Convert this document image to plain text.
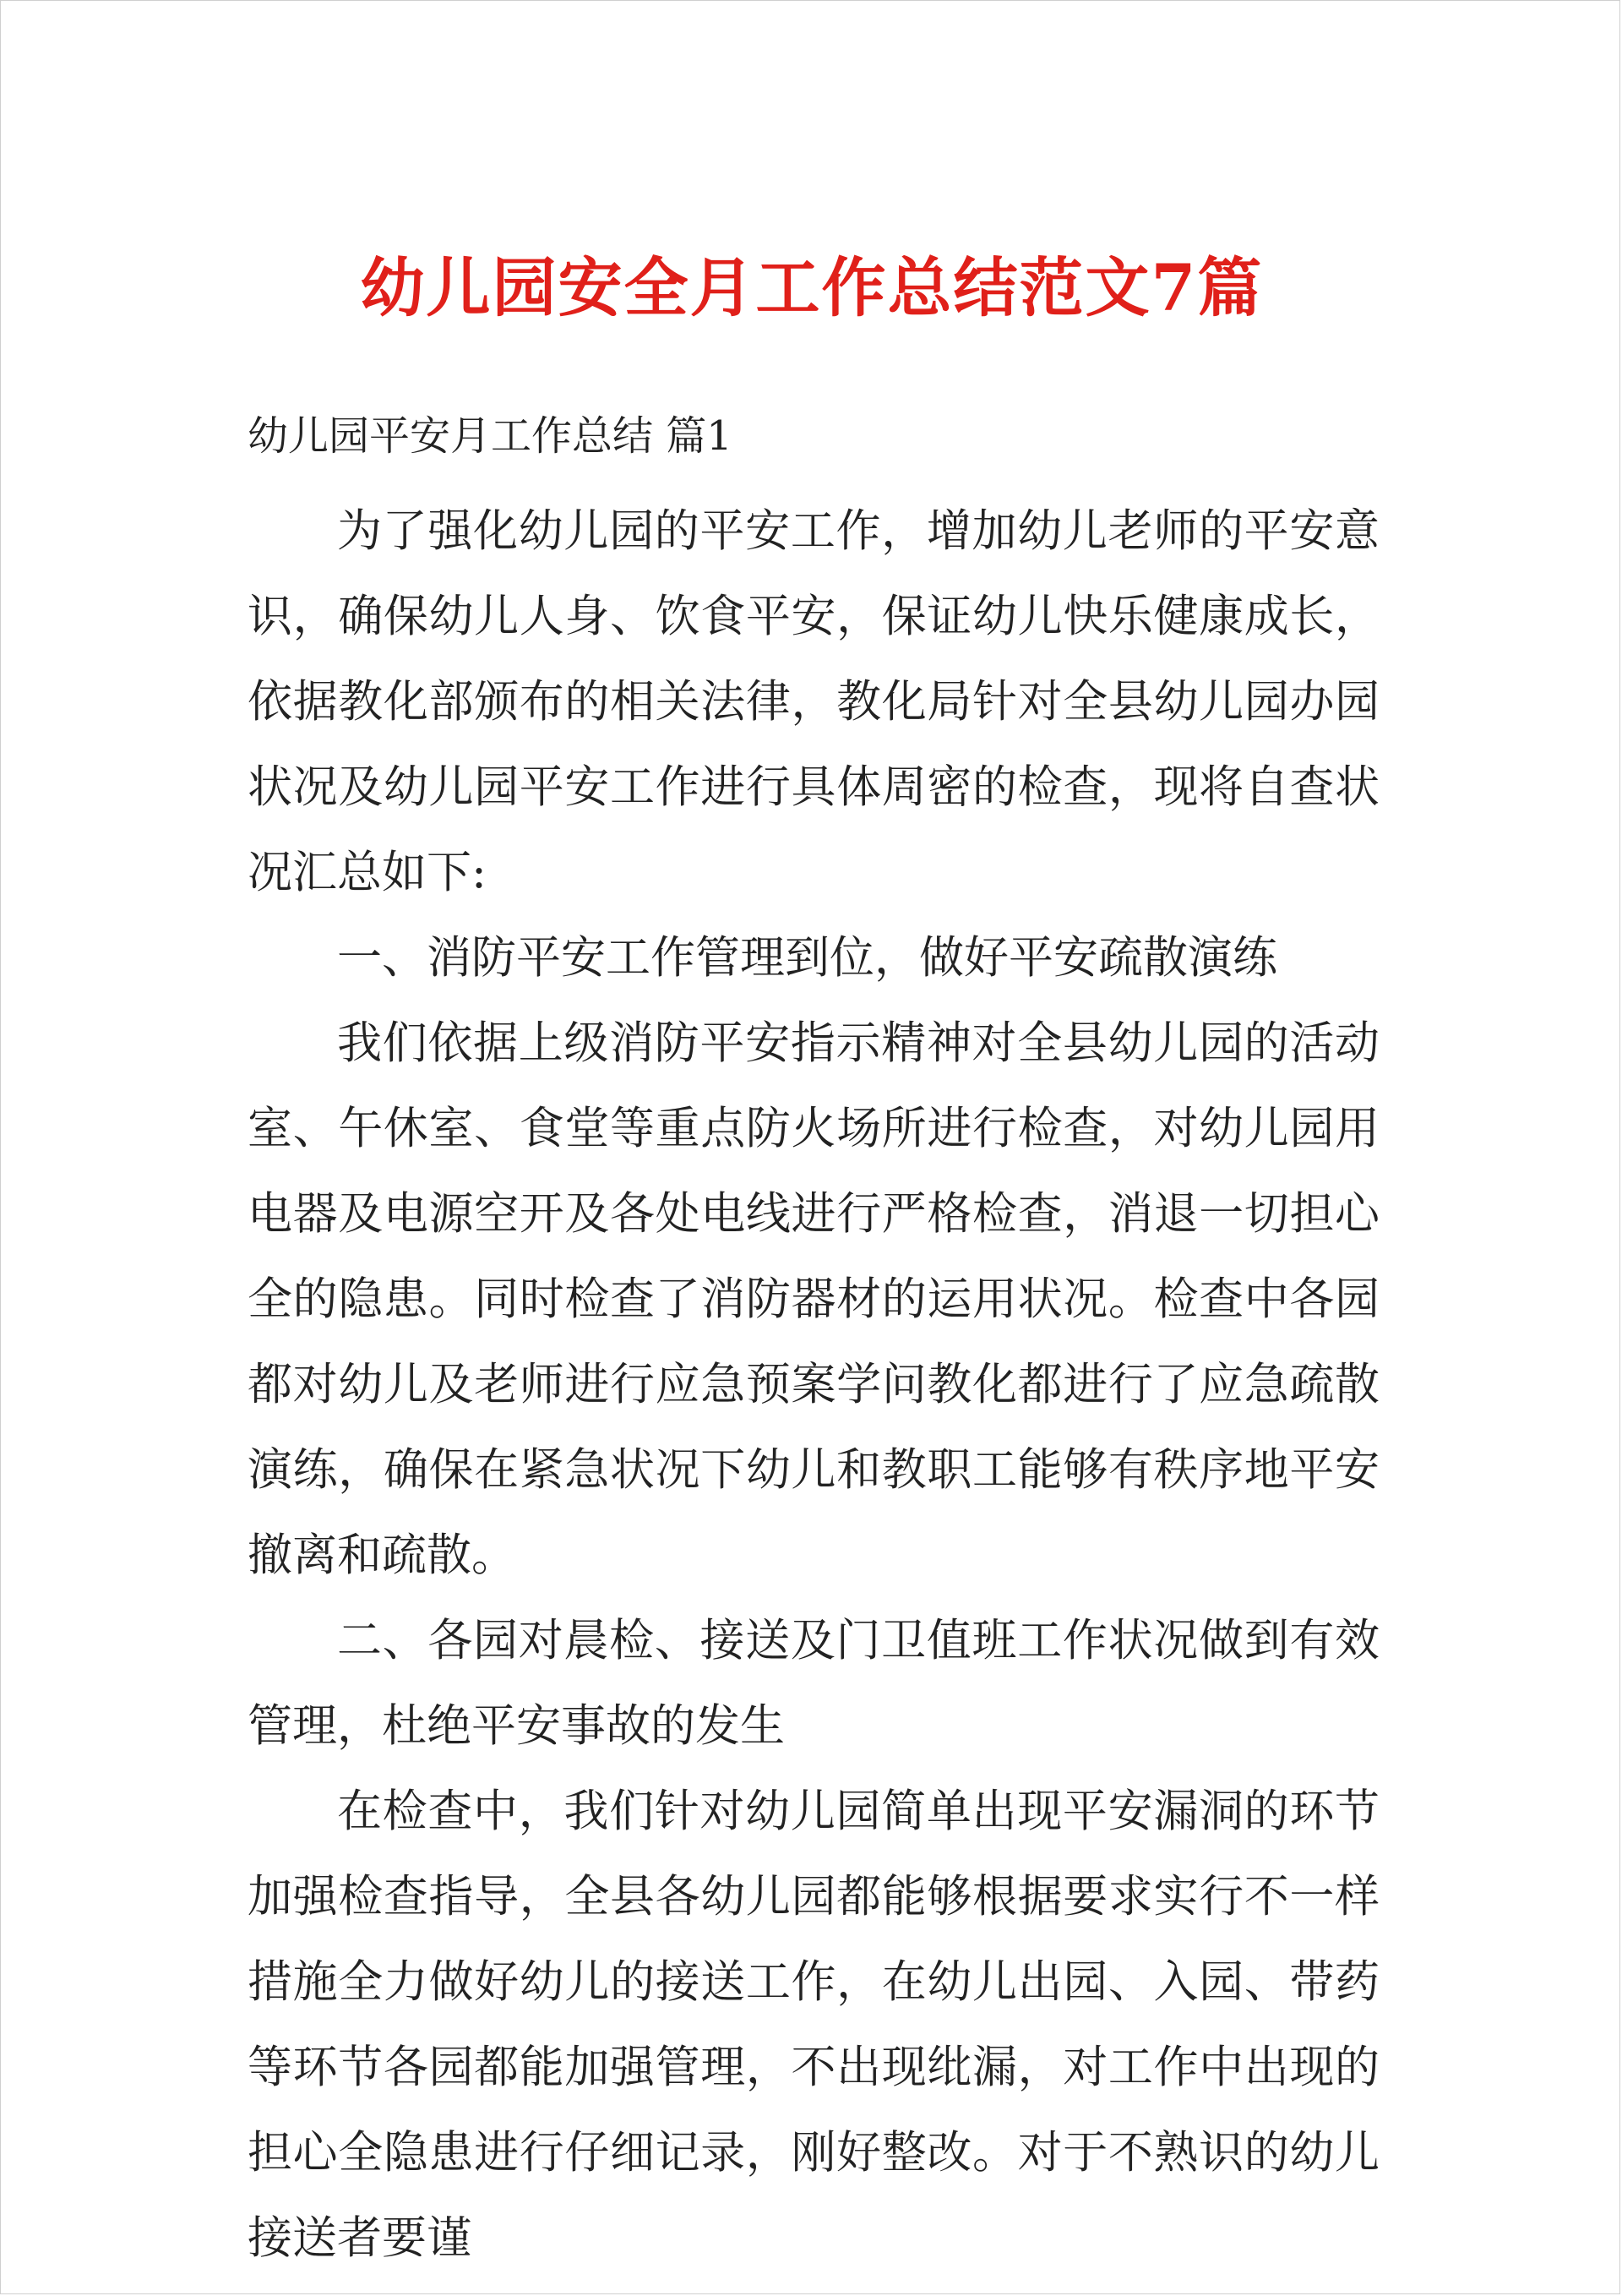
幼儿园安全月工作总结范文7篇
幼儿园平安月工作总结 篇1

为了强化幼儿园的平安工作，增加幼儿老师的平安意识，确保幼儿人身、饮食平安，保证幼儿快乐健康成长，依据教化部颁布的相关法律，教化局针对全县幼儿园办园状况及幼儿园平安工作进行具体周密的检查，现将自查状况汇总如下:

一、消防平安工作管理到位，做好平安疏散演练

我们依据上级消防平安指示精神对全县幼儿园的活动室、午休室、食堂等重点防火场所进行检查，对幼儿园用电器及电源空开及各处电线进行严格检查，消退一切担心全的隐患。同时检查了消防器材的运用状况。检查中各园都对幼儿及老师进行应急预案学问教化都进行了应急疏散演练，确保在紧急状况下幼儿和教职工能够有秩序地平安撤离和疏散。

二、各园对晨检、接送及门卫值班工作状况做到有效管理，杜绝平安事故的发生

在检查中，我们针对幼儿园简单出现平安漏洞的环节加强检查指导，全县各幼儿园都能够根据要求实行不一样措施全力做好幼儿的接送工作，在幼儿出园、入园、带药等环节各园都能加强管理，不出现纰漏，对工作中出现的担心全隐患进行仔细记录，刚好整改。对于不熟识的幼儿接送者要谨
